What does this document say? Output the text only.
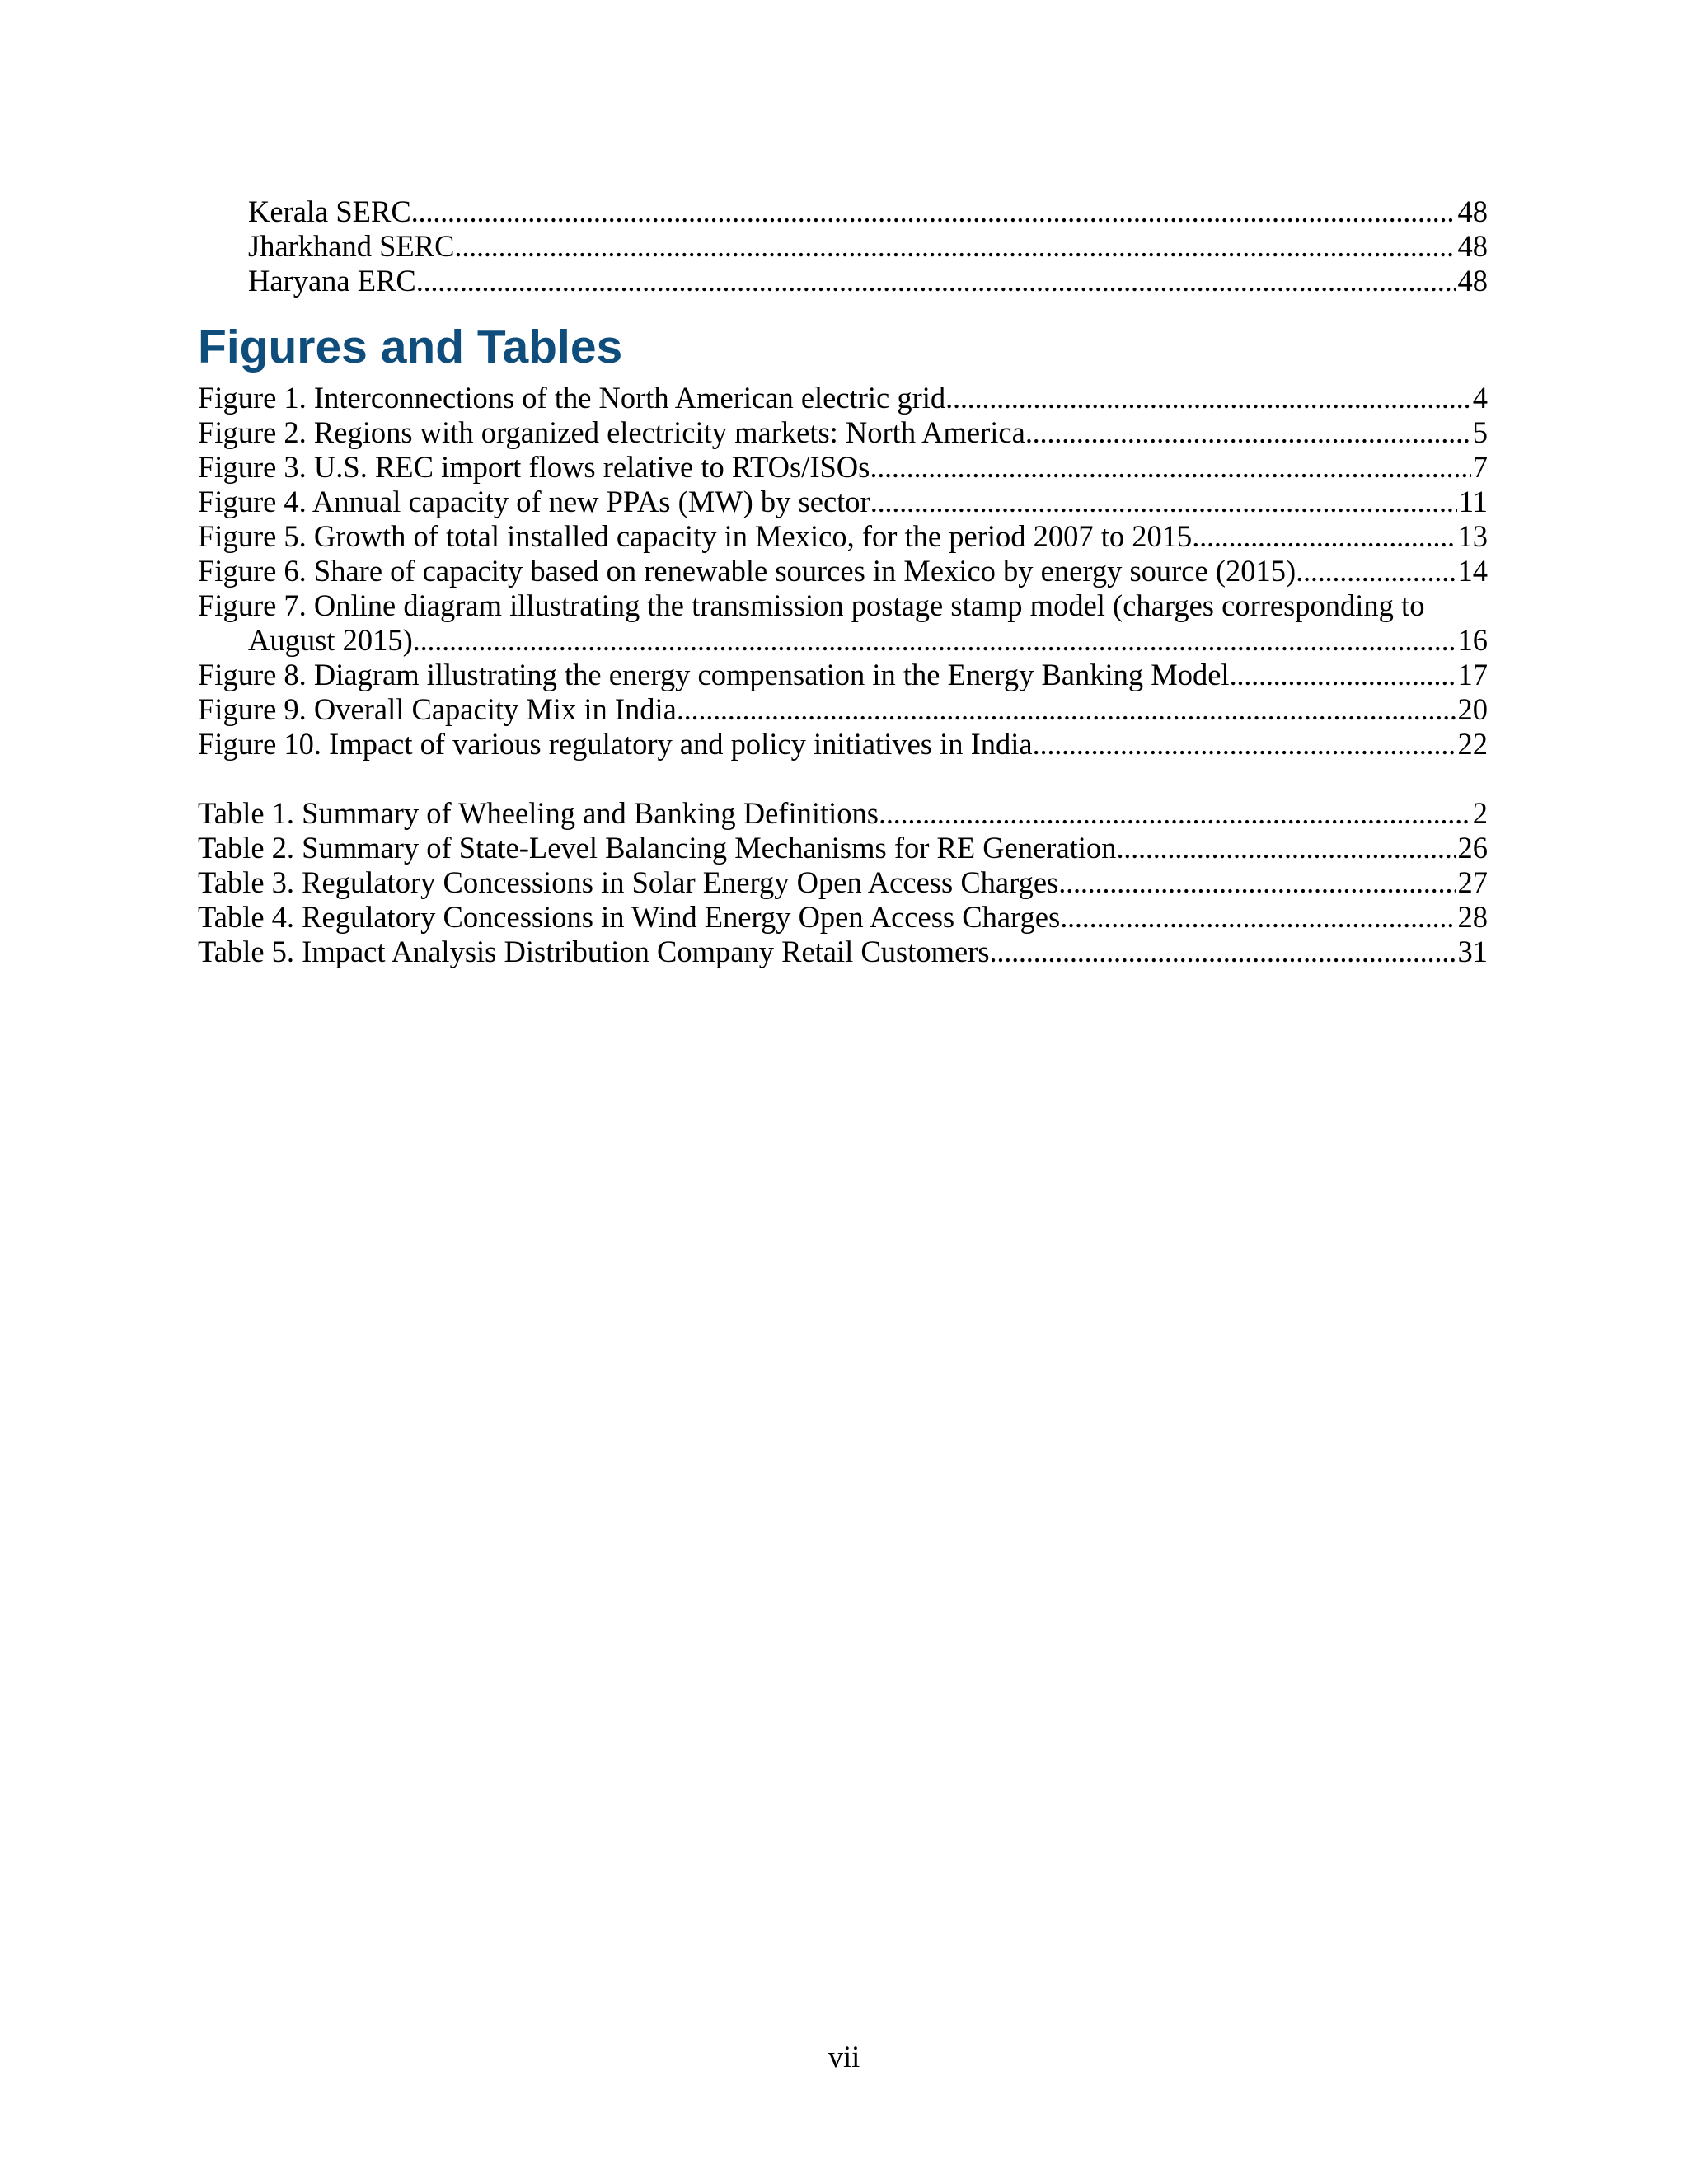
Kerala SERC . . .	48
Jharkhand SERC . . .	48
Haryana ERC . . .	48
Figures and Tables
Figure 1. Interconnections of the North American electric grid . . .	4
Figure 2. Regions with organized electricity markets: North America . . .	5
Figure 3. U.S. REC import flows relative to RTOs/ISOs . . .	7
Figure 4. Annual capacity of new PPAs (MW) by sector . . .	11
Figure 5. Growth of total installed capacity in Mexico, for the period 2007 to 2015 . . .	13
Figure 6. Share of capacity based on renewable sources in Mexico by energy source (2015) . . .	14
Figure 7. Online diagram illustrating the transmission postage stamp model (charges corresponding to
August 2015) . . .	16
Figure 8. Diagram illustrating the energy compensation in the Energy Banking Model . . .	17
Figure 9. Overall Capacity Mix in India . . .	20
Figure 10. Impact of various regulatory and policy initiatives in India . . .	22
Table 1. Summary of Wheeling and Banking Definitions . . .	2
Table 2. Summary of State-Level Balancing Mechanisms for RE Generation . . .	26
Table 3. Regulatory Concessions in Solar Energy Open Access Charges . . .	27
Table 4. Regulatory Concessions in Wind Energy Open Access Charges . . .	28
Table 5. Impact Analysis Distribution Company Retail Customers . . .	31
vii
